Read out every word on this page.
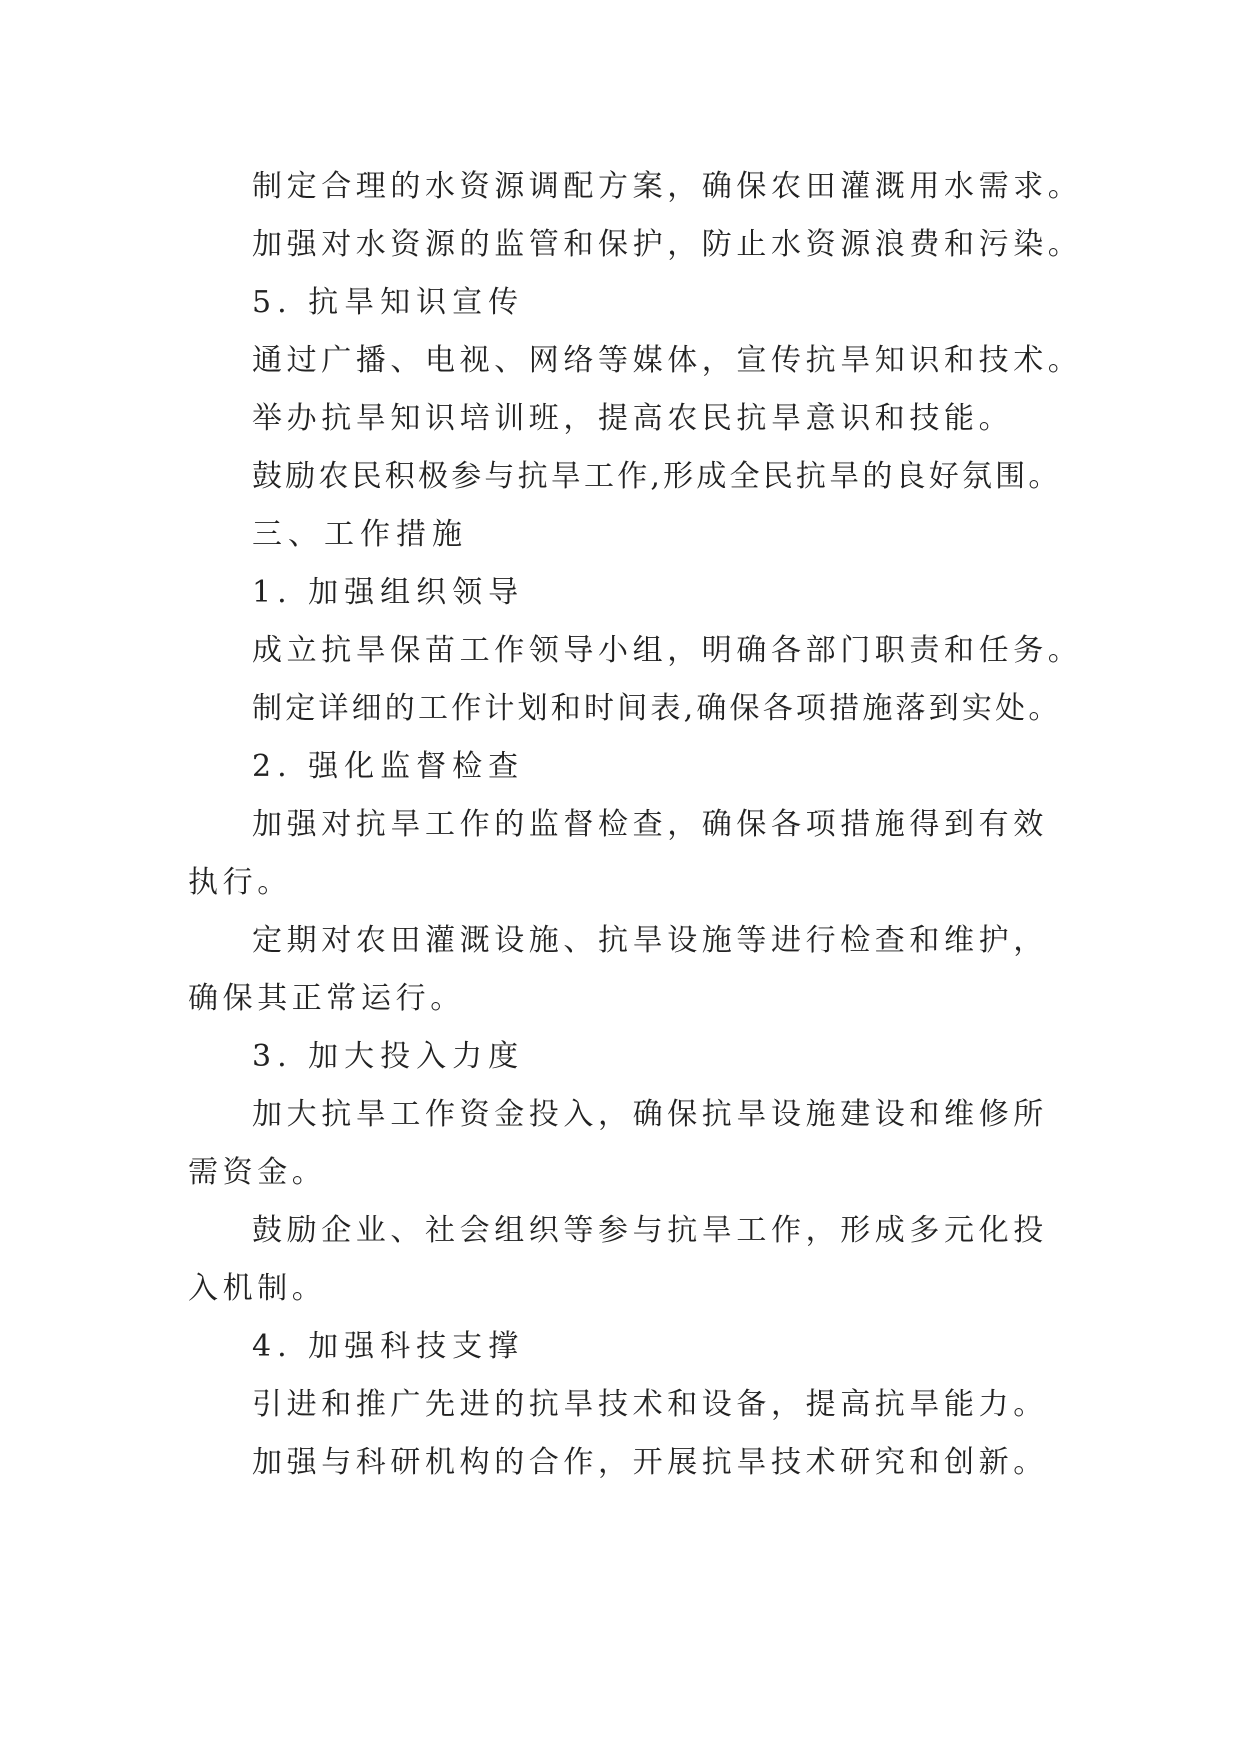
制定合理的水资源调配方案，确保农田灌溉用水需求。

加强对水资源的监管和保护，防止水资源浪费和污染。

5. 抗旱知识宣传

通过广播、电视、网络等媒体，宣传抗旱知识和技术。

举办抗旱知识培训班，提高农民抗旱意识和技能。

鼓励农民积极参与抗旱工作,形成全民抗旱的良好氛围。

三、工作措施

1. 加强组织领导

成立抗旱保苗工作领导小组，明确各部门职责和任务。

制定详细的工作计划和时间表,确保各项措施落到实处。

2. 强化监督检查

加强对抗旱工作的监督检查，确保各项措施得到有效执行。

定期对农田灌溉设施、抗旱设施等进行检查和维护，确保其正常运行。

3. 加大投入力度

加大抗旱工作资金投入，确保抗旱设施建设和维修所需资金。

鼓励企业、社会组织等参与抗旱工作，形成多元化投入机制。

4. 加强科技支撑

引进和推广先进的抗旱技术和设备，提高抗旱能力。

加强与科研机构的合作，开展抗旱技术研究和创新。
